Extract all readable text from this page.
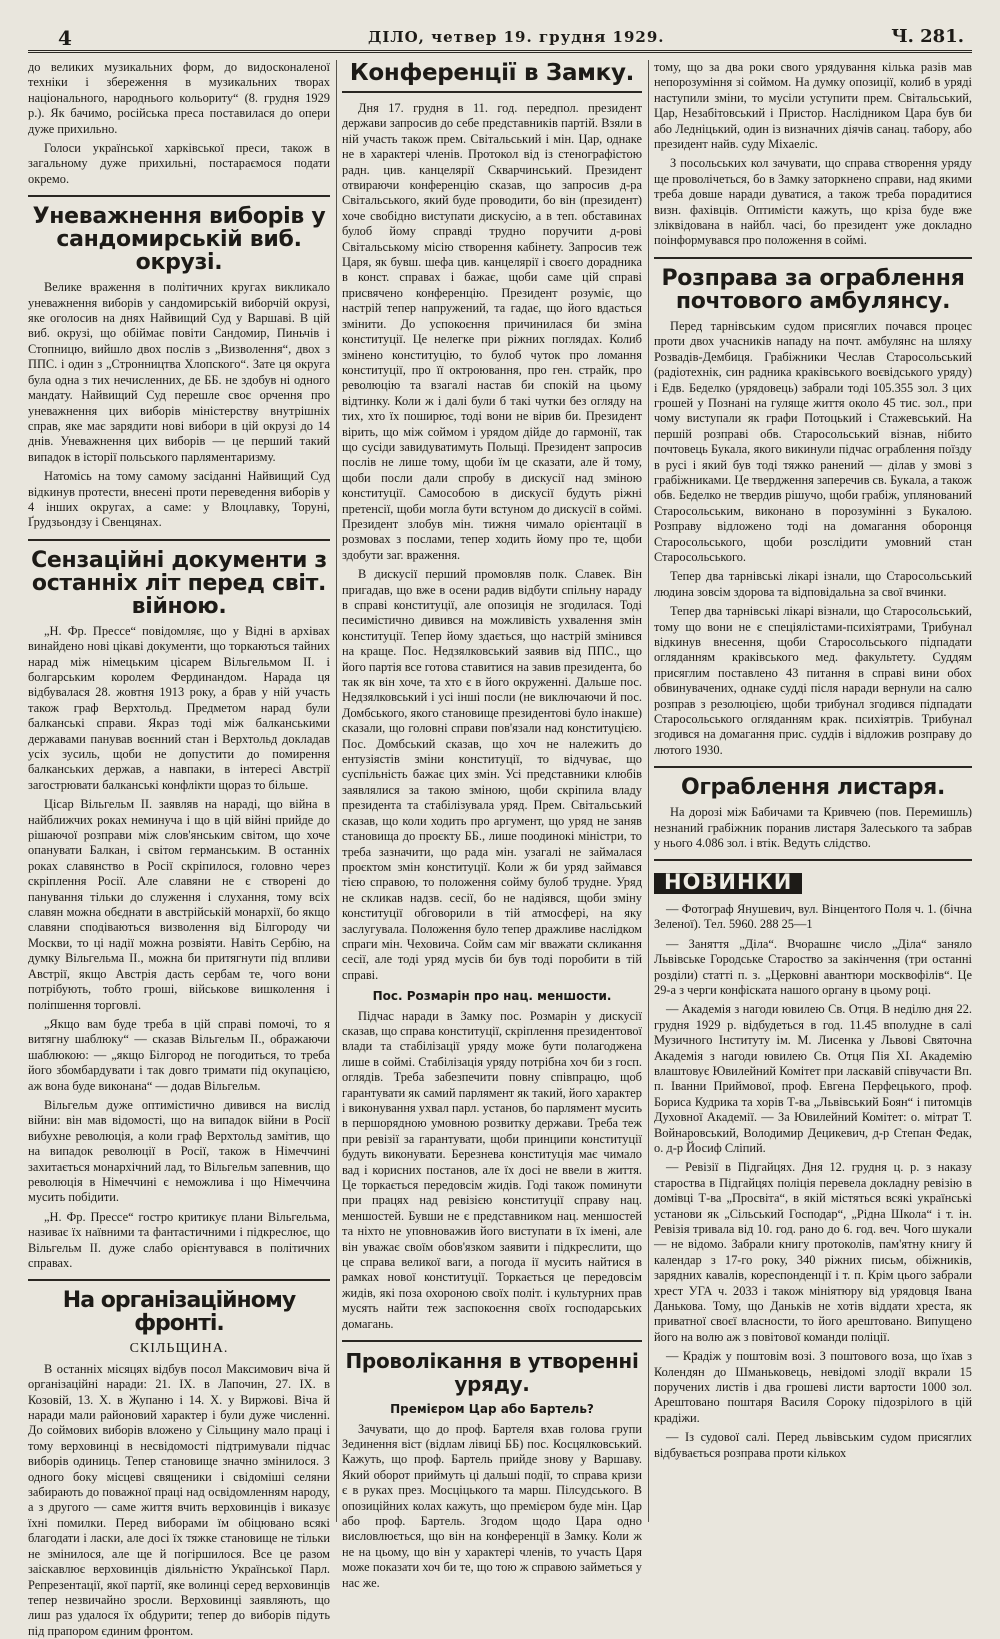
4	ДІЛО, четвер 19. грудня 1929.	Ч. 281.

до великих музикальних форм, до видосконаленої техніки і збереження в музикальних творах національного, народнього кольориту“ (8. грудня 1929 р.). Як бачимо, російська преса поставилася до опери дуже прихильно.

Голоси української харківської преси, також в загальному дуже прихильні, постараємося подати окремо.

Уневажнення виборів у сандомирській виб. окрузі.

Велике враження в політичних кругах викликало уневажнення виборів у сандомирській виборчій окрузі, яке оголосив на днях Найвищий Суд у Варшаві. В цій виб. окрузі, що обіймає повіти Сандомир, Пиньчів і Стопницю, вийшло двох послів з „Визволення“, двох з ППС. і один з „Стронництва Хлопского“. Зате ця округа була одна з тих нечисленних, де ББ. не здобув ні одного мандату. Найвищий Суд перешле своє орчення про уневажнення цих виборів міністерству внутрішніх справ, яке має зарядити нові вибори в цій окрузі до 14 днів. Уневажнення цих виборів — це перший такий випадок в історії польського парляментаризму.

Натомісь на тому самому засіданні Найвищий Суд відкинув протести, внесені проти переведення виборів у 4 інших округах, а саме: у Влоцлавку, Торуні, Ґрудзьондзу і Свенцянах.

Сензаційні документи з останніх літ перед світ. війною.

„Н. Фр. Прессе“ повідомляє, що у Відні в архівах винайдено нові цікаві документи, що торкаються тайних нарад між німецьким цісарем Вільгельмом II. і болгарським королем Фердинандом. Нарада ця відбувалася 28. жовтня 1913 року, а брав у ній участь також граф Верхтольд. Предметом нарад були балканські справи. Якраз тоді між балканськими державами панував воєнний стан і Верхтольд докладав усіх зусиль, щоби не допустити до помирення балканських держав, а навпаки, в інтересі Австрії загострювати балканські конфлікти щораз то більше.

Цісар Вільгельм II. заявляв на нараді, що війна в найближчих роках неминуча і що в цій війні прийде до рішаючої розправи між слов'янським світом, що хоче опанувати Балкан, і світом германським. В останніх роках славянство в Росії скріпилося, головно через скріплення Росії. Але славяни не є створені до панування тільки до служення і слухання, тому всіх славян можна обєднати в австрійській монархії, бо якщо славяни сподіваються визволення від Білгороду чи Москви, то ці надії можна розвіяти. Навіть Сербію, на думку Вільгельма II., можна би притягнути під впливи Австрії, якщо Австрія дасть сербам те, чого вони потрібують, тобто гроші, військове вишколення і поліпшення торговлі.

„Якщо вам буде треба в цій справі помочі, то я витягну шаблюку“ — сказав Вільгельм II., ображаючи шаблюкою: — „якщо Білгород не погодиться, то треба його збомбардувати і так довго тримати під окупацією, аж вона буде виконана“ — додав Вільгельм.

Вільгельм дуже оптимістично дивився на вислід війни: він мав відомості, що на випадок війни в Росії вибухне революція, а коли граф Верхтольд замітив, що на випадок революції в Росії, також в Німеччині захитається монархічний лад, то Вільгельм запевнив, що революція в Німеччині є неможлива і що Німеччина мусить побідити.

„Н. Фр. Прессе“ гостро критикує плани Вільгельма, називає їх наївними та фантастичними і підкреслює, що Вільгельм II. дуже слабо орієнтувався в політичних справах.

На організаційному фронті.
СКІЛЬЩИНА.

В останніх місяцях відбув посол Максимович віча й організаційні наради: 21. IX. в Лапочин, 27. IX. в Козовій, 13. X. в Жупаню і 14. X. у Виржові. Віча й наради мали районовий характер і були дуже численні. До соймових виборів вложено у Сільщину мало праці і тому верховинці в несвідомості підтримували підчас виборів одиниць. Тепер становище значно змінилося. З одного боку місцеві священики і свідоміші селяни забирають до поважної праці над освідомленням народу, а з другого — саме життя вчить верховинців і виказує їхні помилки. Перед виборами їм обіцювано всякі благодати і ласки, але досі їх тяжке становище не тільки не змінилося, але ще й погіршилося. Все це разом заіскавлює верховинців діяльністю Української Парл. Репрезентації, якої партії, яке волинці серед верховинців тепер незвичайно зросли. Верховинці заявляють, що лиш раз удалося їх обдурити; тепер до виборів підуть під прапором єдиним фронтом.

Конференції в Замку.

Дня 17. грудня в 11. год. передпол. президент держави запросив до себе представників партій. Взяли в ній участь також прем. Світальський і мін. Цар, однаке не в характері членів. Протокол від із стенографістою радн. цив. канцелярії Скварчинський. Президент отвираючи конференцію сказав, що запросив д-ра Світальського, який буде проводити, бо він (президент) хоче свобідно виступати дискусію, а в теп. обставинах булоб йому справді трудно поручити д-рові Світальському місію створення кабінету. Запросив теж Царя, як бувш. шефа цив. канцелярії і своєго дорадника в конст. справах і бажає, щоби саме цій справі присвячено конференцію. Президент розуміє, що настрій тепер напружений, та гадає, що його вдасться змінити. До успокоєння причинилася би зміна конституції. Це нелегке при ріжних поглядах. Колиб змінено конституцію, то булоб чуток про ломання конституції, про її октроювання, про ген. страйк, про революцію та взагалі настав би спокій на цьому відтинку. Коли ж і далі були б такі чутки без огляду на тих, хто їх поширює, тоді вони не вірив би. Президент вірить, що між соймом і урядом дійде до гармонії, так що сусіди завидуватимуть Польщі. Президент запросив послів не лише тому, щоби їм це сказати, але й тому, щоби посли дали спробу в дискусії над зміною конституції. Самособою в дискусії будуть ріжні претенсії, щоби могла бути встуном до дискусії в соймі. Президент злобув мін. тижня чимало орієнтації в розмовах з послами, тепер ходить йому про те, щоби здобути заг. враження.

В дискусії перший промовляв полк. Славек. Він пригадав, що вже в осени радив відбути спільну нараду в справі конституції, але опозиція не згодилася. Тоді песимістично дивився на можливість ухвалення змін конституції. Тепер йому здається, що настрій змінився на краще. Пос. Недзялковський заявив від ППС., що його партія все готова ставитися на завив президента, бо так як він хоче, та хто є в його окруженні. Дальше пос. Недзялковський і усі інші посли (не виключаючи й пос. Домбського, якого становище президентові було інакше) сказали, що головні справи пов'язали над конституцією. Пос. Домбський сказав, що хоч не належить до ентузіястів зміни конституції, то відчуває, що суспільність бажає цих змін. Усі представники клюбів заявлялися за такою зміною, щоби скріпила владу президента та стабілізувала уряд. Прем. Світальський сказав, що коли ходить про аргумент, що уряд не заняв становища до проєкту ББ., лише поодинокі міністри, то треба зазначити, що рада мін. узагалі не займалася проєктом змін конституції. Коли ж би уряд займався тією справою, то положення сойму булоб трудне. Уряд не скликав надзв. сесії, бо не надіявся, щоби зміну конституції обговорили в тій атмосфері, на яку заслугувала. Положення було тепер дражливе наслідком спраги мін. Чеховича. Сойм сам міг вважати скликання сесії, але тоді уряд мусів би був тоді поробити в тій справі.

Пос. Розмарін про нац. меншости.

Підчас наради в Замку пос. Розмарін у дискусії сказав, що справа конституції, скріплення президентової влади та стабілізації уряду може бути полагоджена лише в соймі. Стабілізація уряду потрібна хоч би з госп. оглядів. Треба забезпечити повну співпрацю, щоб гарантувати як самий парлямент як такий, його характер і виконування ухвал парл. установ, бо парлямент мусить в першорядною умовною розвитку держави. Треба теж при ревізії за гарантувати, щоби принципи конституції будуть виконувати. Березнева конституція має чимало вад і корисних постанов, але їх досі не ввели в життя. Це торкається передовсім жидів. Годі також поминути при працях над ревізією конституції справу нац. меншостей. Бувши не є представником нац. меншостей та ніхто не уповноважив його виступати в їх імені, але він уважає своїм обов'язком заявити і підкреслити, що це справа великої ваги, а погода ії мусить найтися в рамках нової конституції. Торкається це передовсім жидів, які поза охороною своїх політ. і культурних прав мусять найти теж заспокоєння своїх господарських домагань.

Проволікання в утворенні уряду.
Премієром Цар або Бартель?

Зачувати, що до проф. Бартеля вхав голова групи Зединення віст (відлам лівиці ББ) пос. Косцялковський. Кажуть, що проф. Бартель прийде знову у Варшаву. Який оборот приймуть ці дальші події, то справа кризи є в руках през. Мосціцького та марш. Пілсудського. В опозиційних колах кажуть, що премієром буде мін. Цар або проф. Бартель. Згодом щодо Цара одно висловлюється, що він на конференції в Замку. Коли ж не на цьому, що він у характері членів, то участь Царя може показати хоч би те, що тою ж справою займеться у нас же.

тому, що за два роки свого урядування кілька разів мав непорозуміння зі соймом. На думку опозиції, колиб в уряді наступили зміни, то мусіли уступити прем. Світальський, Цар, Незабітовський і Пристор. Наслідником Цара був би або Ледніцький, один із визначних діячів санац. табору, або президент найв. суду Міхаеліс.

З посольських кол зачувати, що справа створення уряду ще проволічеться, бо в Замку заторкнено справи, над якими треба довше наради дуватися, а також треба порадитися визн. фахівців. Оптимісти кажуть, що кріза буде вже зліквідована в найбл. часі, бо президент уже докладно поінформувався про положення в соймі.

Розправа за ограблення почтового амбулянсу.

Перед тарнівським судом присяглих почався процес проти двох учасників нападу на почт. амбулянс на шляху Розвадів-Дембиця. Грабіжники Чеслав Старосольський (радіотехнік, син радника краківського воєвідського уряду) і Едв. Беделко (урядовець) забрали тоді 105.355 зол. З цих грошей у Познані на гуляще життя около 45 тис. зол., при чому виступали як графи Потоцький і Стажевський. На першій розправі обв. Старосольський візнав, нібито почтовець Букала, якого викинули підчас ограблення поїзду в русі і який був тоді тяжко ранений — ділав у змові з грабіжниками. Це твердження заперечив св. Букала, а також обв. Беделко не твердив рішучо, щоби грабіж, уплянований Старосольським, виконано в порозумінні з Букалою. Розправу відложено тоді на домагання оборонця Старосольського, щоби розслідити умовний стан Старосольського.

Тепер два тарнівські лікарі ізнали, що Старосольський людина зовсім здорова та відповідальна за свої вчинки.

Тепер два тарнівські лікарі візнали, що Старосольський, тому що вони не є спеціялістами-психіятрами, Трибунал відкинув внесення, щоби Старосольського підпадати огляданням краківського мед. факультету. Суддям присяглим поставлено 43 питання в справі вини обох обвинувачених, однаке судді після наради вернули на салю розправ з резолюцією, щоби трибунал згодився підпадати Старосольського огляданням крак. психіятрів. Трибунал згодився на домагання прис. суддів і відложив розправу до лютого 1930.

Ограблення листаря.

На дорозі між Бабичами та Кривчею (пов. Перемишль) незнаний грабіжник поранив листаря Залеського та забрав у нього 4.086 зол. і втік. Ведуть слідство.

НОВИНКИ

— Фотограф Янушевич, вул. Вінцентого Поля ч. 1. (бічна Зеленої). Тел. 5960. 288 25—1

— Заняття „Діла“. Вчорашнє число „Діла“ заняло Львівське Городське Староство за закінчення (три останні розділи) статті п. з. „Церковні авантюри москвофілів“. Це 29-а з черги конфіската нашого органу в цьому році.

— Академія з нагоди ювилею Св. Отця. В неділю дня 22. грудня 1929 р. відбудеться в год. 11.45 вполудне в салі Музичного Інституту ім. М. Лисенка у Львові Святочна Академія з нагоди ювилею Св. Отця Пія XI. Академію влаштовує Ювилейний Комітет при ласкавій співучасти Вп. п. Іванни Приймової, проф. Евгена Перфецького, проф. Бориса Кудрика та хорів Т-ва „Львівський Боян“ і питомців Духовної Академії. — За Ювилейний Комітет: о. мітрат Т. Войнаровський, Володимир Децикевич, д-р Степан Федак, о. д-р Йосиф Сліпий.

— Ревізії в Підгайцях. Дня 12. грудня ц. р. з наказу староства в Підгайцях поліція перевела докладну ревізію в домівці Т-ва „Просвіта“, в якій містяться всякі українські установи як „Сільський Господар“, „Рідна Школа“ і т. ін. Ревізія тривала від 10. год. рано до 6. год. веч. Чого шукали — не відомо. Забрали книгу протоколів, пам'ятну книгу й календар з 17-го року, 340 ріжних письм, обіжників, зарядних кавалів, кореспонденції і т. п. Крім цього забрали хрест УГА ч. 2033 і також мініятюру від урядовця Івана Данькова. Тому, що Даньків не хотів віддати хреста, як приватної своєї власности, то його арештовано. Випущено його на волю аж з повітової команди поліції.

— Крадіж у поштовім возі. З поштового воза, що їхав з Колендян до Шманьковець, невідомі злодії вкрали 15 поручених листів і два грошеві листи вартости 1000 зол. Арештовано поштаря Василя Сороку підозрілого в цій крадіжи.

— Із судової салі. Перед львівським судом присяглих відбувається розправа проти кількох
